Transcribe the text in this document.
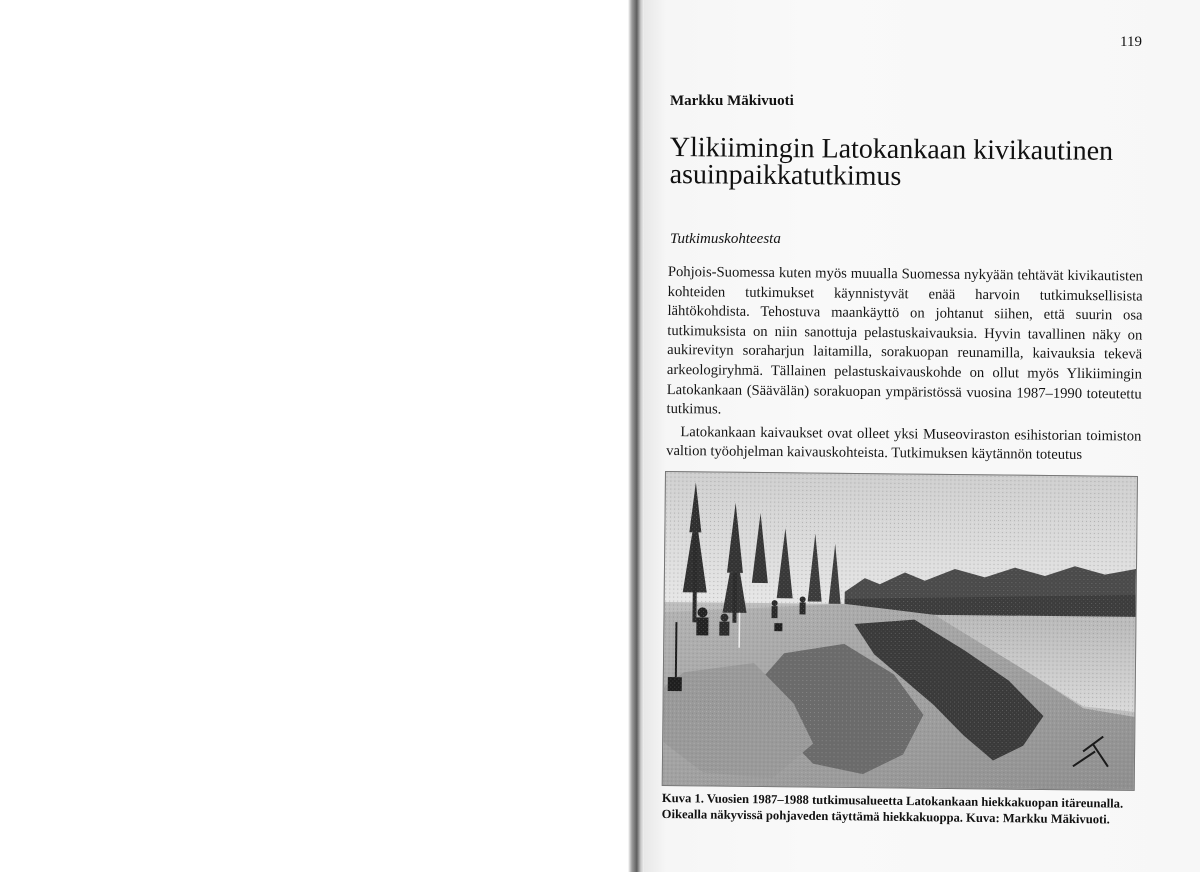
119
Markku Mäkivuoti
Ylikiimingin Latokankaan kivikautinen asuinpaikkatutkimus
Tutkimuskohteesta

Pohjois-Suomessa kuten myös muualla Suomessa nykyään tehtävät kivikautisten kohteiden tutkimukset käynnistyvät enää harvoin tutkimuksellisista lähtökohdista. Tehostuva maankäyttö on johtanut siihen, että suurin osa tutkimuksista on niin sanottuja pelastuskaivauksia. Hyvin tavallinen näky on aukirevityn soraharjun laitamilla, sorakuopan reunamilla, kaivauksia tekevä arkeologiryhmä. Tällainen pelastuskaivauskohde on ollut myös Ylikiimingin Latokankaan (Säävälän) sorakuopan ympäristössä vuosina 1987–1990 toteutettu tutkimus.

Latokankaan kaivaukset ovat olleet yksi Museoviraston esihistorian toimiston valtion työohjelman kaivauskohteista. Tutkimuksen käytännön toteutus

Kuva 1. Vuosien 1987–1988 tutkimusalueetta Latokankaan hiekkakuopan itäreunalla. Oikealla näkyvissä pohjaveden täyttämä hiekkakuoppa. Kuva: Markku Mäkivuoti.
